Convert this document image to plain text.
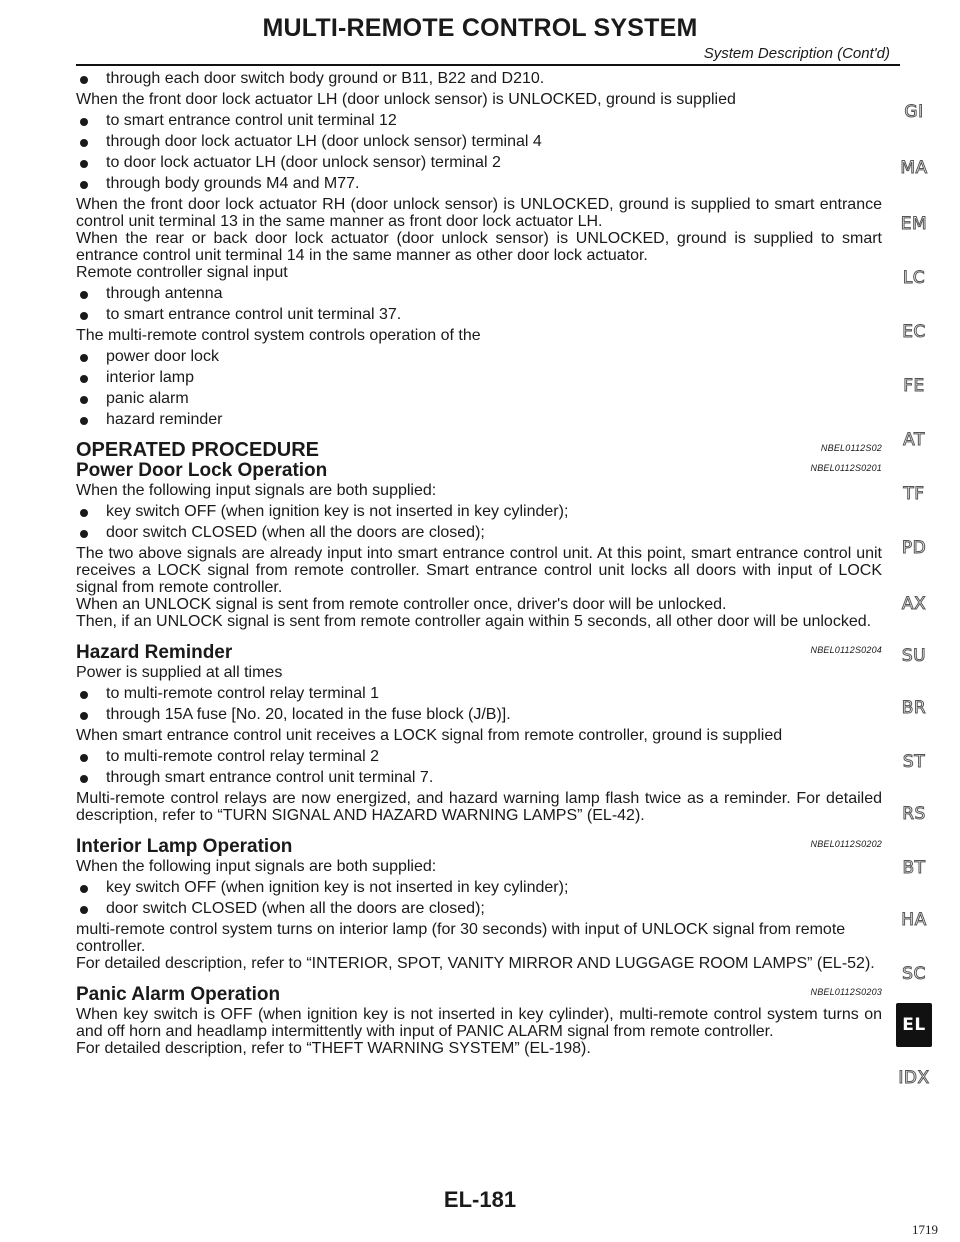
MULTI-REMOTE CONTROL SYSTEM
System Description (Cont'd)
through each door switch body ground or B11, B22 and D210.
When the front door lock actuator LH (door unlock sensor) is UNLOCKED, ground is supplied
to smart entrance control unit terminal 12
through door lock actuator LH (door unlock sensor) terminal 4
to door lock actuator LH (door unlock sensor) terminal 2
through body grounds M4 and M77.
When the front door lock actuator RH (door unlock sensor) is UNLOCKED, ground is supplied to smart entrance control unit terminal 13 in the same manner as front door lock actuator LH.
When the rear or back door lock actuator (door unlock sensor) is UNLOCKED, ground is supplied to smart entrance control unit terminal 14 in the same manner as other door lock actuator.
Remote controller signal input
through antenna
to smart entrance control unit terminal 37.
The multi-remote control system controls operation of the
power door lock
interior lamp
panic alarm
hazard reminder
OPERATED PROCEDURE	NBEL0112S02
Power Door Lock Operation	NBEL0112S0201
When the following input signals are both supplied:
key switch OFF (when ignition key is not inserted in key cylinder);
door switch CLOSED (when all the doors are closed);
The two above signals are already input into smart entrance control unit. At this point, smart entrance control unit receives a LOCK signal from remote controller. Smart entrance control unit locks all doors with input of LOCK signal from remote controller.
When an UNLOCK signal is sent from remote controller once, driver's door will be unlocked.
Then, if an UNLOCK signal is sent from remote controller again within 5 seconds, all other door will be unlocked.
Hazard Reminder	NBEL0112S0204
Power is supplied at all times
to multi-remote control relay terminal 1
through 15A fuse [No. 20, located in the fuse block (J/B)].
When smart entrance control unit receives a LOCK signal from remote controller, ground is supplied
to multi-remote control relay terminal 2
through smart entrance control unit terminal 7.
Multi-remote control relays are now energized, and hazard warning lamp flash twice as a reminder. For detailed description, refer to “TURN SIGNAL AND HAZARD WARNING LAMPS” (EL-42).
Interior Lamp Operation	NBEL0112S0202
When the following input signals are both supplied:
key switch OFF (when ignition key is not inserted in key cylinder);
door switch CLOSED (when all the doors are closed);
multi-remote control system turns on interior lamp (for 30 seconds) with input of UNLOCK signal from remote controller.
For detailed description, refer to “INTERIOR, SPOT, VANITY MIRROR AND LUGGAGE ROOM LAMPS” (EL-52).
Panic Alarm Operation	NBEL0112S0203
When key switch is OFF (when ignition key is not inserted in key cylinder), multi-remote control system turns on and off horn and headlamp intermittently with input of PANIC ALARM signal from remote controller.
For detailed description, refer to “THEFT WARNING SYSTEM” (EL-198).
GI
MA
EM
LC
EC
FE
AT
TF
PD
AX
SU
BR
ST
RS
BT
HA
SC
EL
IDX
EL-181
1719
